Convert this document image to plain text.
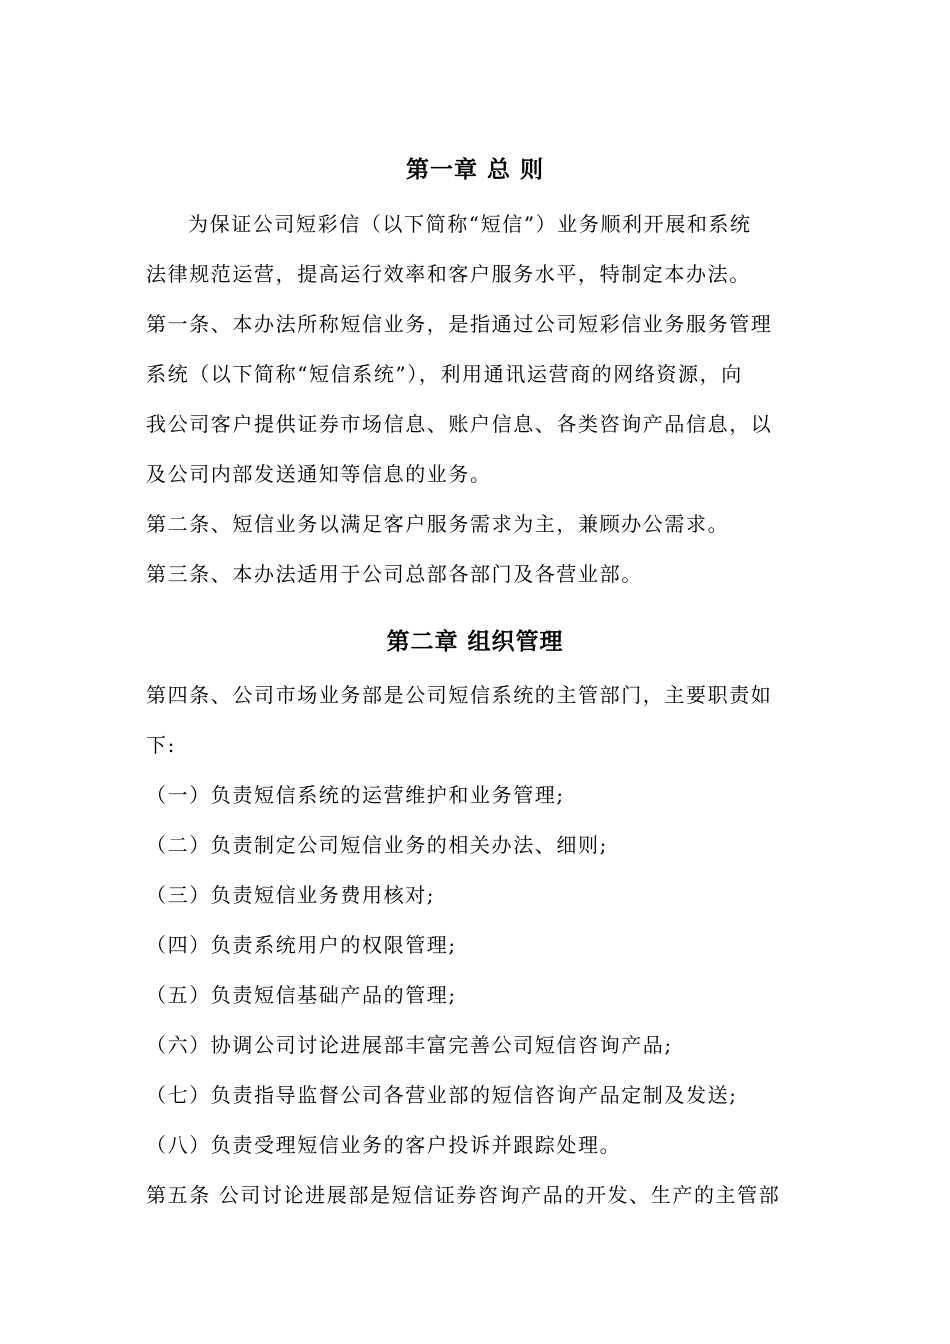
第一章 总 则
为保证公司短彩信（以下简称“短信”）业务顺利开展和系统
法律规范运营，提高运行效率和客户服务水平，特制定本办法。
第一条、本办法所称短信业务，是指通过公司短彩信业务服务管理
系统（以下简称“短信系统”），利用通讯运营商的网络资源，向
我公司客户提供证券市场信息、账户信息、各类咨询产品信息，以
及公司内部发送通知等信息的业务。
第二条、短信业务以满足客户服务需求为主，兼顾办公需求。
第三条、本办法适用于公司总部各部门及各营业部。
第二章 组织管理
第四条、公司市场业务部是公司短信系统的主管部门，主要职责如
下:
（一）负责短信系统的运营维护和业务管理;
（二）负责制定公司短信业务的相关办法、细则;
（三）负责短信业务费用核对;
（四）负责系统用户的权限管理;
（五）负责短信基础产品的管理;
（六）协调公司讨论进展部丰富完善公司短信咨询产品;
（七）负责指导监督公司各营业部的短信咨询产品定制及发送;
（八）负责受理短信业务的客户投诉并跟踪处理。
第五条 公司讨论进展部是短信证券咨询产品的开发、生产的主管部
